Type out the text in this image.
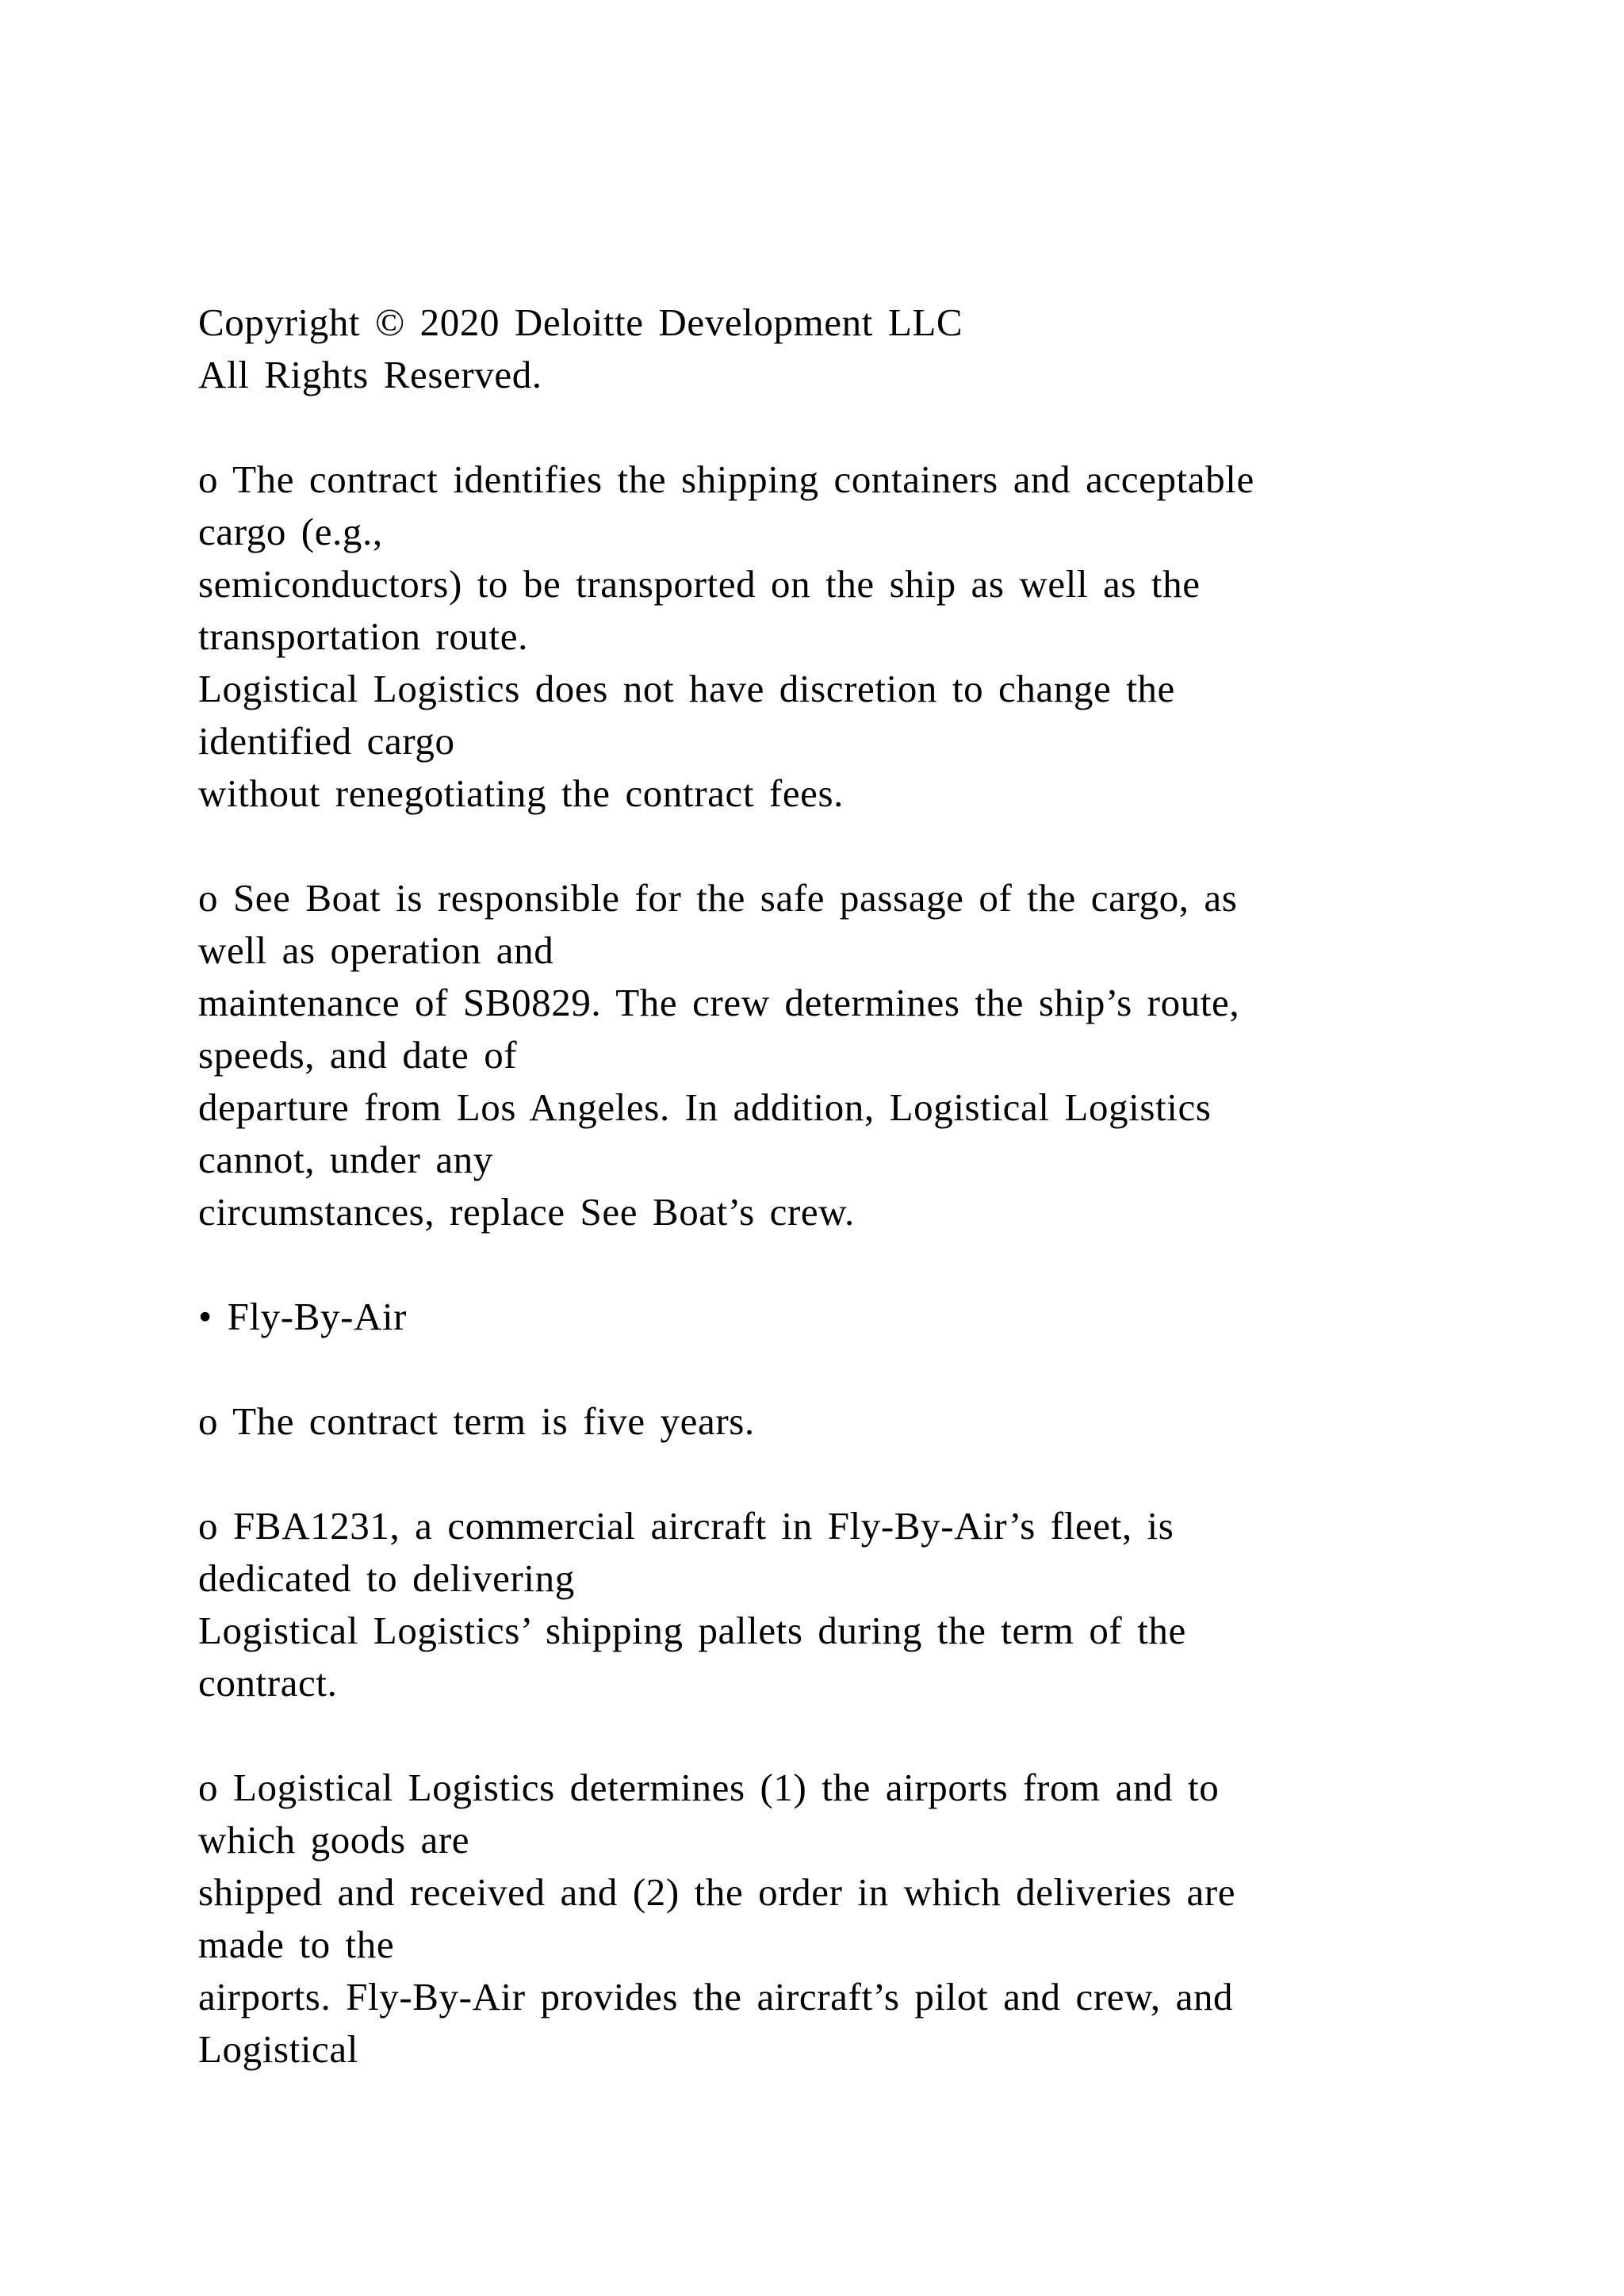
Copyright © 2020 Deloitte Development LLC
All Rights Reserved.
o The contract identifies the shipping containers and acceptable
cargo (e.g.,
semiconductors) to be transported on the ship as well as the
transportation route.
Logistical Logistics does not have discretion to change the
identified cargo
without renegotiating the contract fees.
o See Boat is responsible for the safe passage of the cargo, as
well as operation and
maintenance of SB0829. The crew determines the ship’s route,
speeds, and date of
departure from Los Angeles. In addition, Logistical Logistics
cannot, under any
circumstances, replace See Boat’s crew.
• Fly-By-Air
o The contract term is five years.
o FBA1231, a commercial aircraft in Fly-By-Air’s fleet, is
dedicated to delivering
Logistical Logistics’ shipping pallets during the term of the
contract.
o Logistical Logistics determines (1) the airports from and to
which goods are
shipped and received and (2) the order in which deliveries are
made to the
airports. Fly-By-Air provides the aircraft’s pilot and crew, and
Logistical
